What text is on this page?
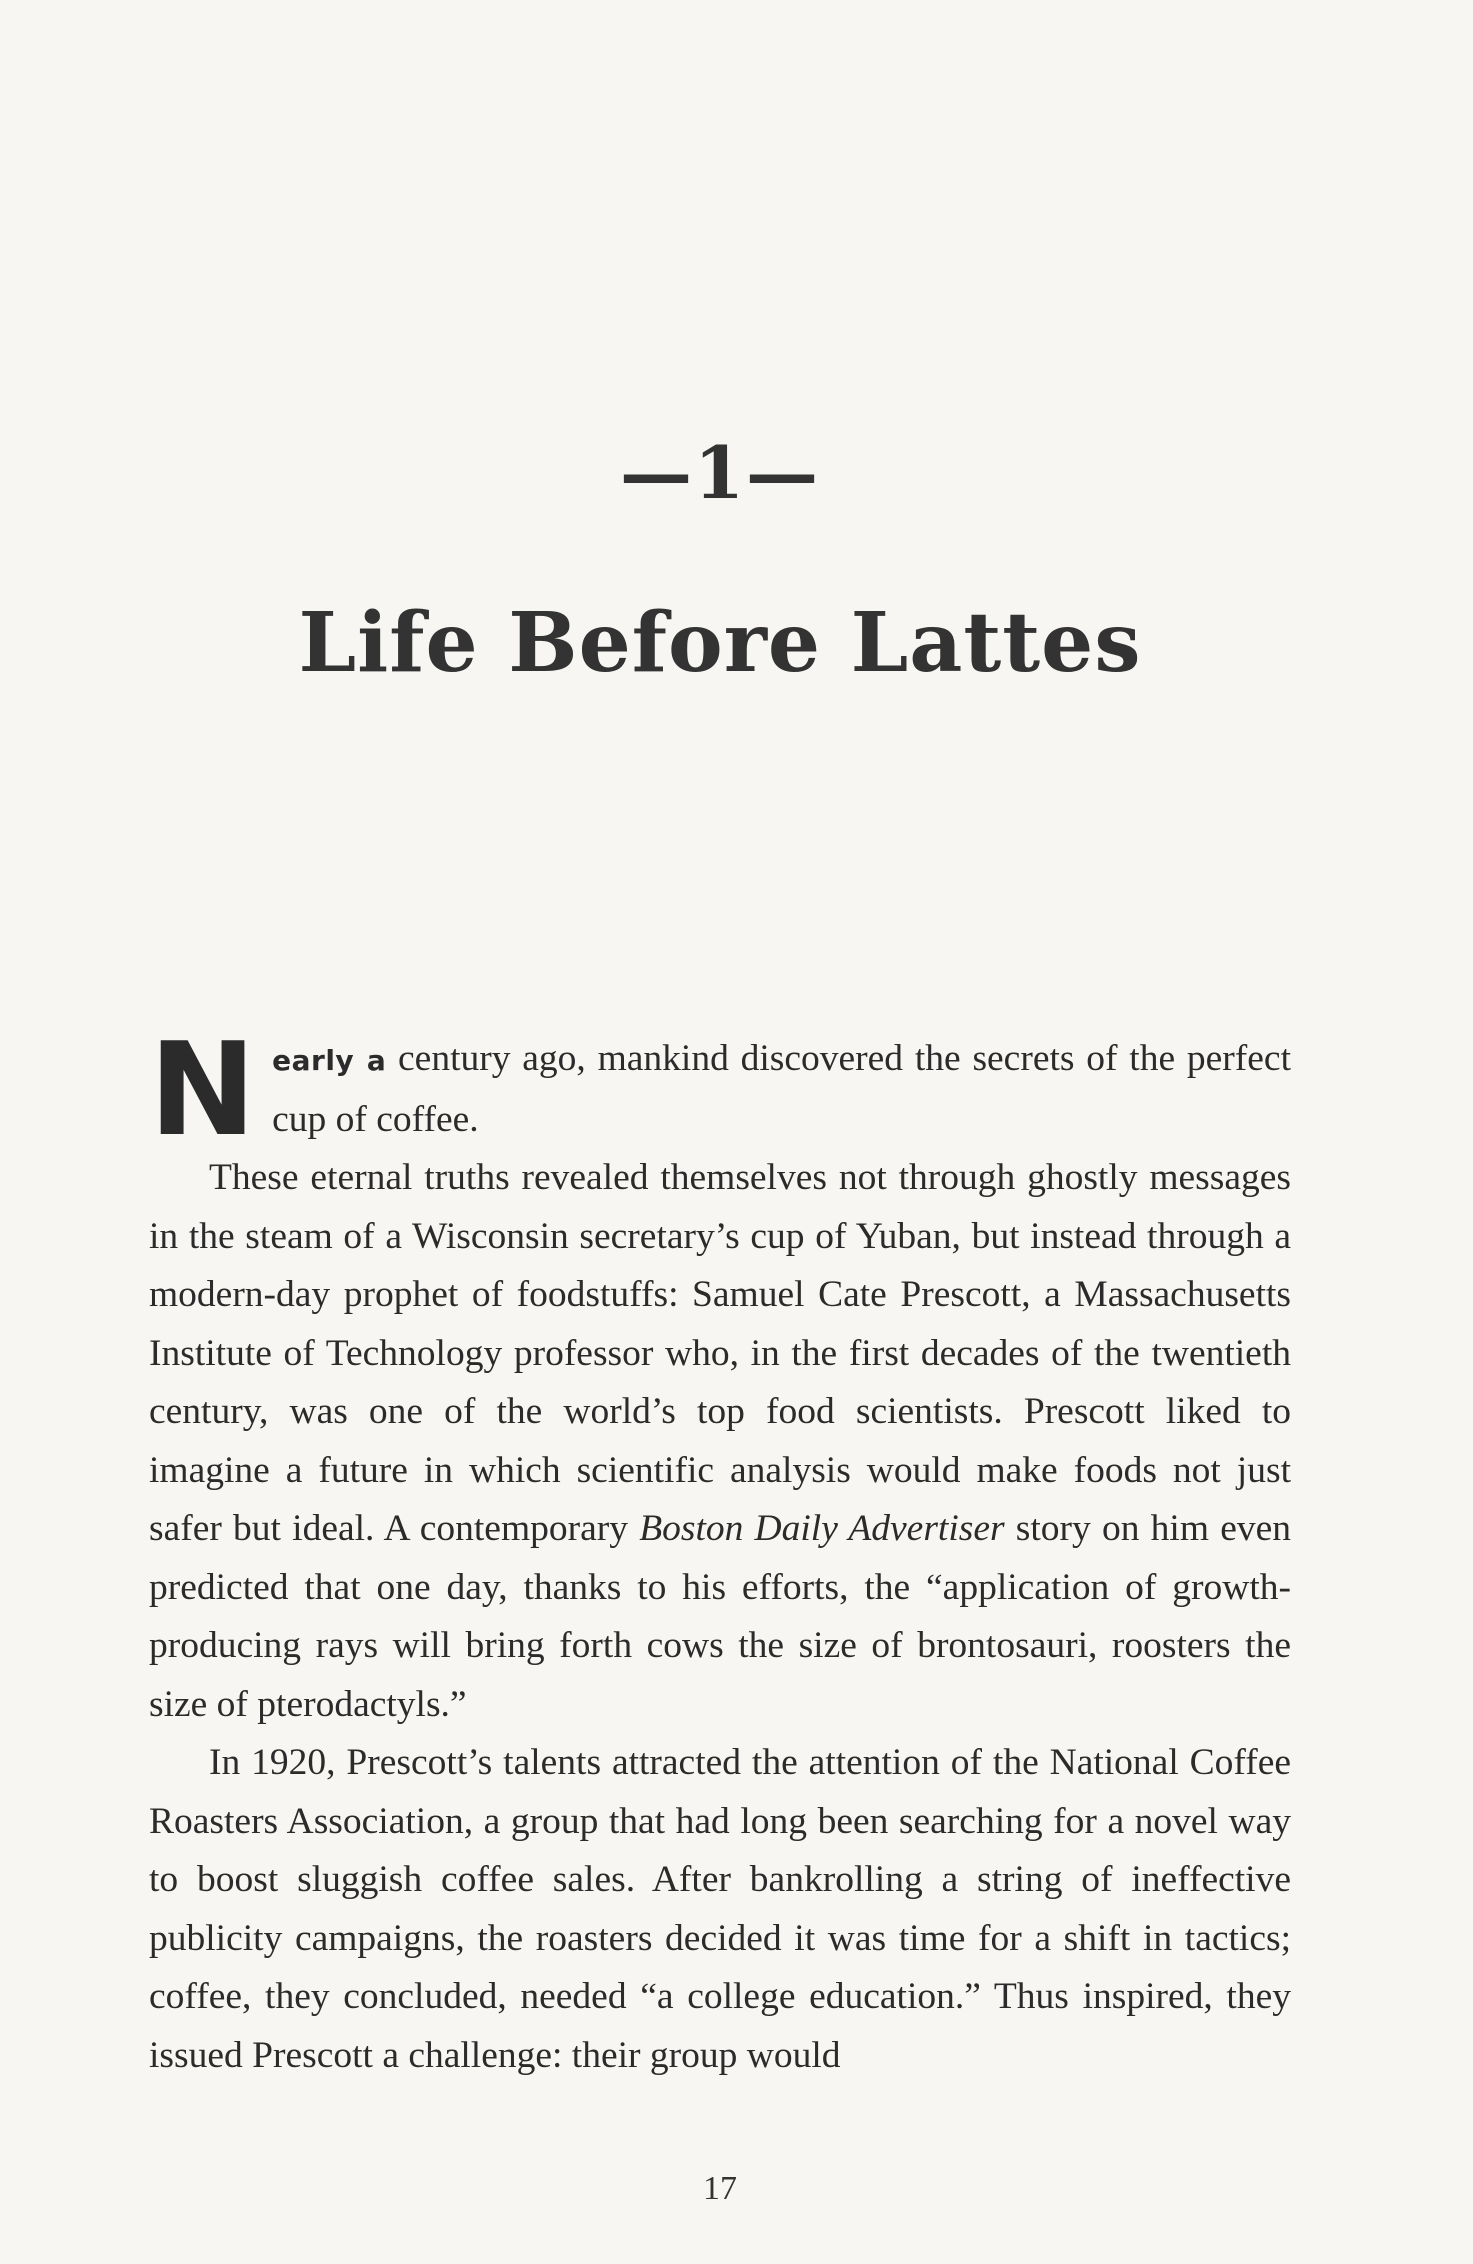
—1—
Life Before Lattes

Nearly a century ago, mankind discovered the secrets of the perfect cup of coffee.

These eternal truths revealed themselves not through ghostly messages in the steam of a Wisconsin secretary’s cup of Yuban, but instead through a modern-day prophet of foodstuffs: Samuel Cate Prescott, a Massachusetts Institute of Technology professor who, in the first decades of the twentieth century, was one of the world’s top food scientists. Prescott liked to imagine a future in which scientific analysis would make foods not just safer but ideal. A contemporary Boston Daily Advertiser story on him even predicted that one day, thanks to his efforts, the “application of growth-producing rays will bring forth cows the size of brontosauri, roosters the size of pterodactyls.”

In 1920, Prescott’s talents attracted the attention of the National Coffee Roasters Association, a group that had long been searching for a novel way to boost sluggish coffee sales. After bankrolling a string of ineffective publicity campaigns, the roasters decided it was time for a shift in tactics; coffee, they concluded, needed “a college education.” Thus inspired, they issued Prescott a challenge: their group would

17
